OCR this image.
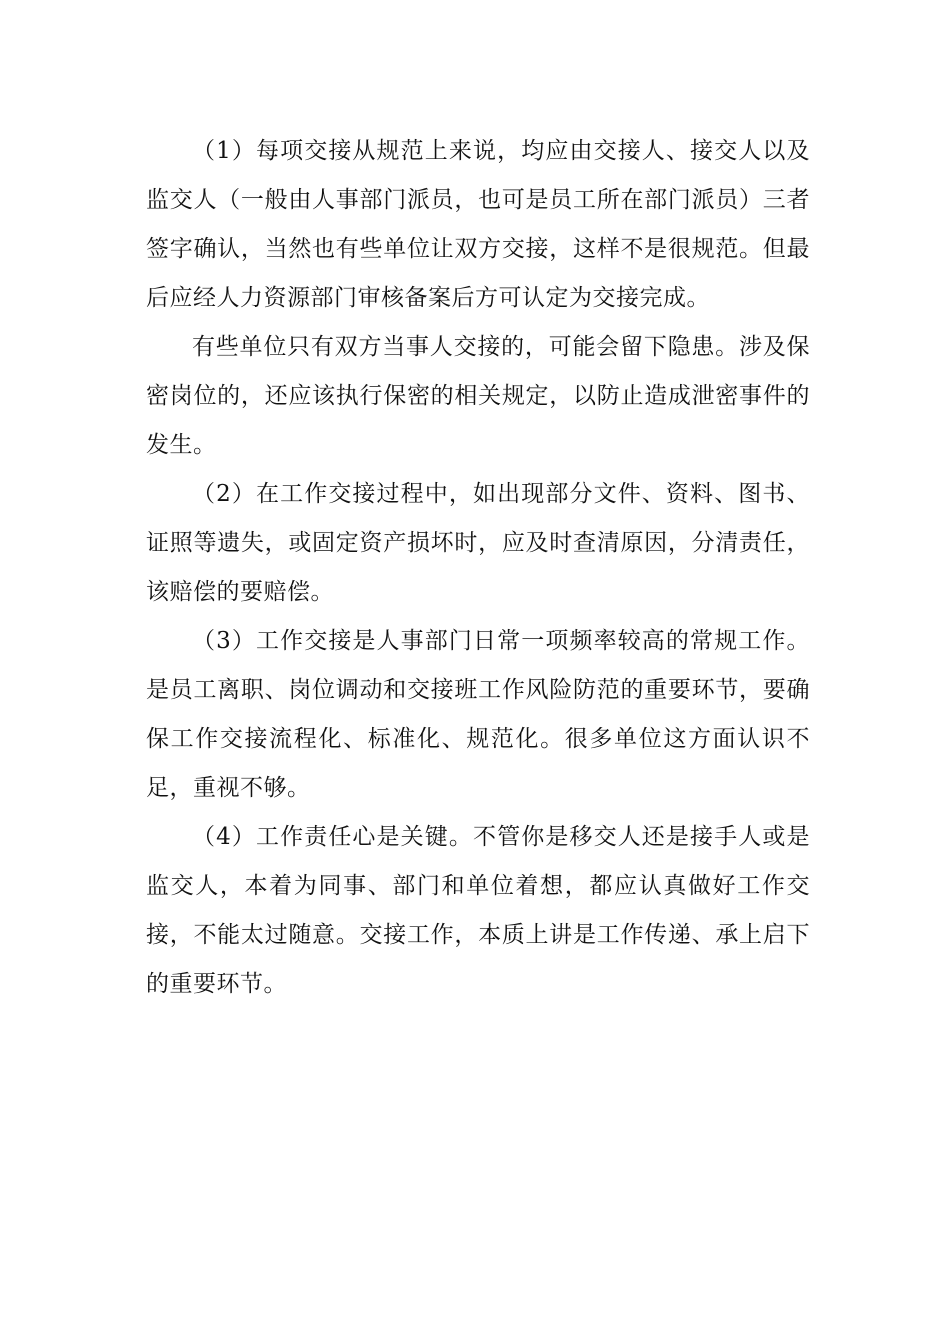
（1）每项交接从规范上来说，均应由交接人、接交人以及监交人（一般由人事部门派员，也可是员工所在部门派员）三者签字确认，当然也有些单位让双方交接，这样不是很规范。但最后应经人力资源部门审核备案后方可认定为交接完成。

有些单位只有双方当事人交接的，可能会留下隐患。涉及保密岗位的，还应该执行保密的相关规定，以防止造成泄密事件的发生。

（2）在工作交接过程中，如出现部分文件、资料、图书、证照等遗失，或固定资产损坏时，应及时查清原因，分清责任，该赔偿的要赔偿。

（3）工作交接是人事部门日常一项频率较高的常规工作。是员工离职、岗位调动和交接班工作风险防范的重要环节，要确保工作交接流程化、标准化、规范化。很多单位这方面认识不足，重视不够。

（4）工作责任心是关键。不管你是移交人还是接手人或是监交人，本着为同事、部门和单位着想，都应认真做好工作交接，不能太过随意。交接工作，本质上讲是工作传递、承上启下的重要环节。
